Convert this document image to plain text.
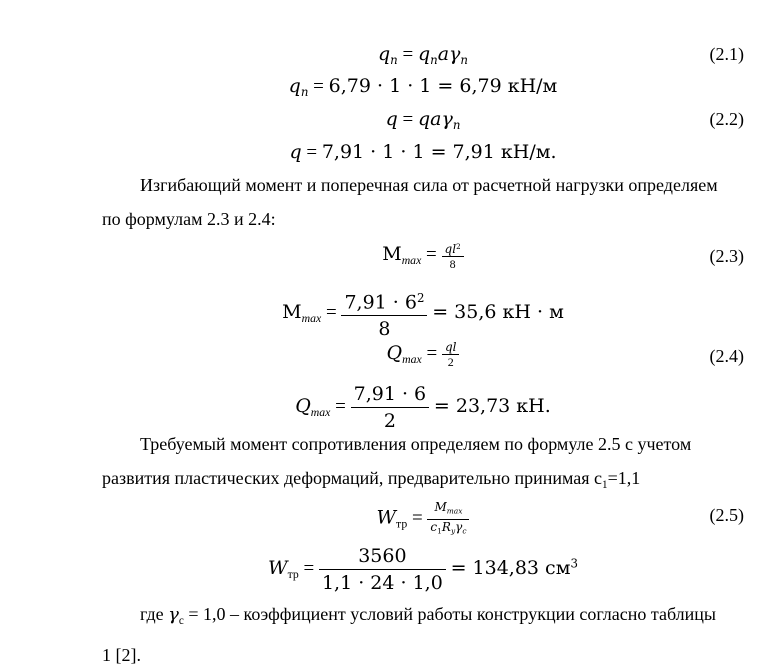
$q_n = q_na\gamma_n$	(2.1)
$q_n = 6,79 \cdot 1 \cdot 1 = 6,79$ кН/м
q = qaγ$_n$	(2.2)
q = 7,91 · 1 · 1 = 7,91 кН/м.
Изгибающий момент и поперечная сила от расчетной нагрузки определяем
по формулам 2.3 и 2.4:
$M_{max} = \frac{ql^2}{8}$	(2.3)
$M_{max} = \frac{7,91 \cdot 6^2}{8} = 35,6$ кН · м
$Q_{max} = \frac{ql}{2}$	(2.4)
$Q_{max} = \frac{7,91 \cdot 6}{2} = 23,73$ кН.
Требуемый момент сопротивления определяем по формуле 2.5 с учетом
развития пластических деформаций, предварительно принимая $c_1=1,1$
$W_{тр} = \frac{M_{max}}{c_1R_y\gamma_c}$	(2.5)
$W_{тр} = \frac{3560}{1,1 \cdot 24 \cdot 1,0} = 134,83$ $см^3$
где $\gamma_c = 1,0$ – коэффициент условий работы конструкции согласно таблицы
1 [2].
